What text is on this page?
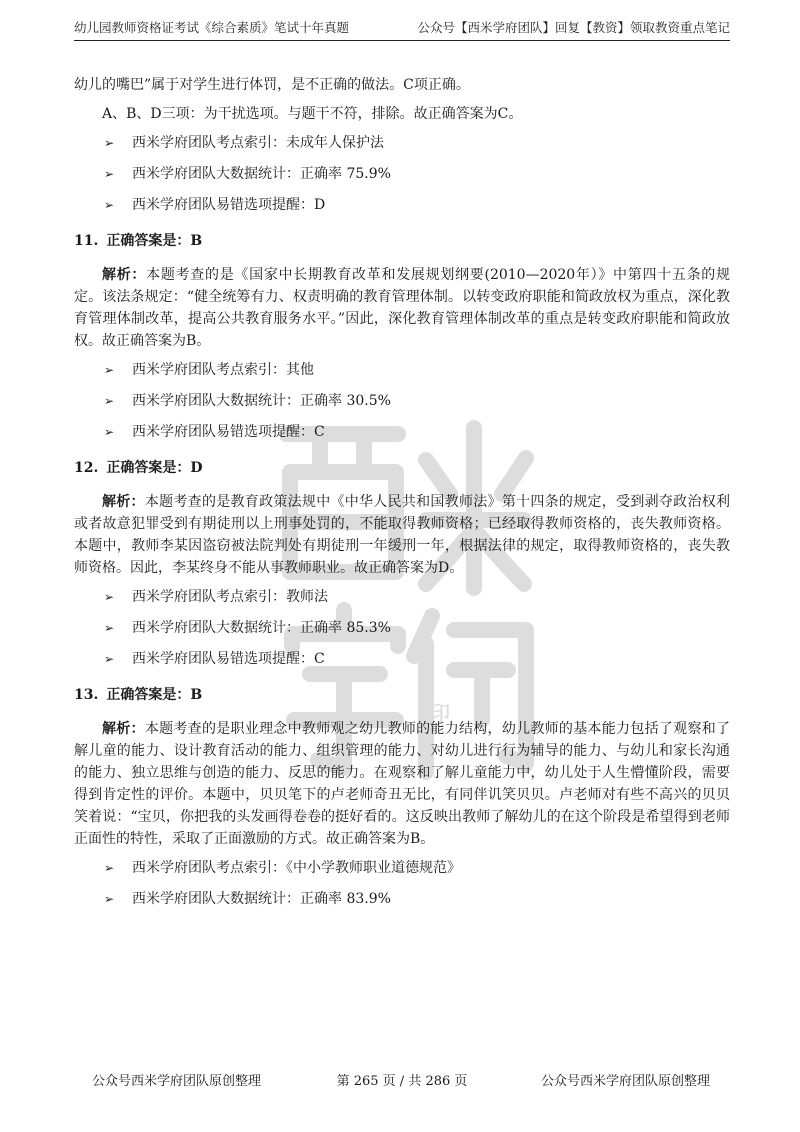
幼儿园教师资格证考试《综合素质》笔试十年真题	公众号【西米学府团队】回复【教资】领取教资重点笔记
印

幼儿的嘴巴”属于对学生进行体罚，是不正确的做法。C项正确。

A、B、D三项：为干扰选项。与题干不符，排除。故正确答案为C。

➢ 西米学府团队考点索引：未成年人保护法
➢ 西米学府团队大数据统计：正确率 75.9%
➢ 西米学府团队易错选项提醒：D
11. 正确答案是：B

解析：本题考查的是《国家中长期教育改革和发展规划纲要(2010—2020年）》中第四十五条的规定。该法条规定：“健全统筹有力、权责明确的教育管理体制。以转变政府职能和简政放权为重点，深化教育管理体制改革，提高公共教育服务水平。”因此，深化教育管理体制改革的重点是转变政府职能和简政放权。故正确答案为B。

➢ 西米学府团队考点索引：其他
➢ 西米学府团队大数据统计：正确率 30.5%
➢ 西米学府团队易错选项提醒：C
12. 正确答案是：D

解析：本题考查的是教育政策法规中《中华人民共和国教师法》第十四条的规定，受到剥夺政治权利或者故意犯罪受到有期徒刑以上刑事处罚的，不能取得教师资格；已经取得教师资格的，丧失教师资格。本题中，教师李某因盗窃被法院判处有期徒刑一年缓刑一年，根据法律的规定，取得教师资格的，丧失教师资格。因此，李某终身不能从事教师职业。故正确答案为D。

➢ 西米学府团队考点索引：教师法
➢ 西米学府团队大数据统计：正确率 85.3%
➢ 西米学府团队易错选项提醒：C
13. 正确答案是：B

解析：本题考查的是职业理念中教师观之幼儿教师的能力结构，幼儿教师的基本能力包括了观察和了解儿童的能力、设计教育活动的能力、组织管理的能力、对幼儿进行行为辅导的能力、与幼儿和家长沟通的能力、独立思维与创造的能力、反思的能力。在观察和了解儿童能力中，幼儿处于人生懵懂阶段，需要得到肯定性的评价。本题中，贝贝笔下的卢老师奇丑无比，有同伴讥笑贝贝。卢老师对有些不高兴的贝贝笑着说：“宝贝，你把我的头发画得卷卷的挺好看的。这反映出教师了解幼儿的在这个阶段是希望得到老师正面性的特性，采取了正面激励的方式。故正确答案为B。

➢ 西米学府团队考点索引：《中小学教师职业道德规范》
➢ 西米学府团队大数据统计：正确率 83.9%
公众号西米学府团队原创整理	第 265 页 / 共 286 页	公众号西米学府团队原创整理
